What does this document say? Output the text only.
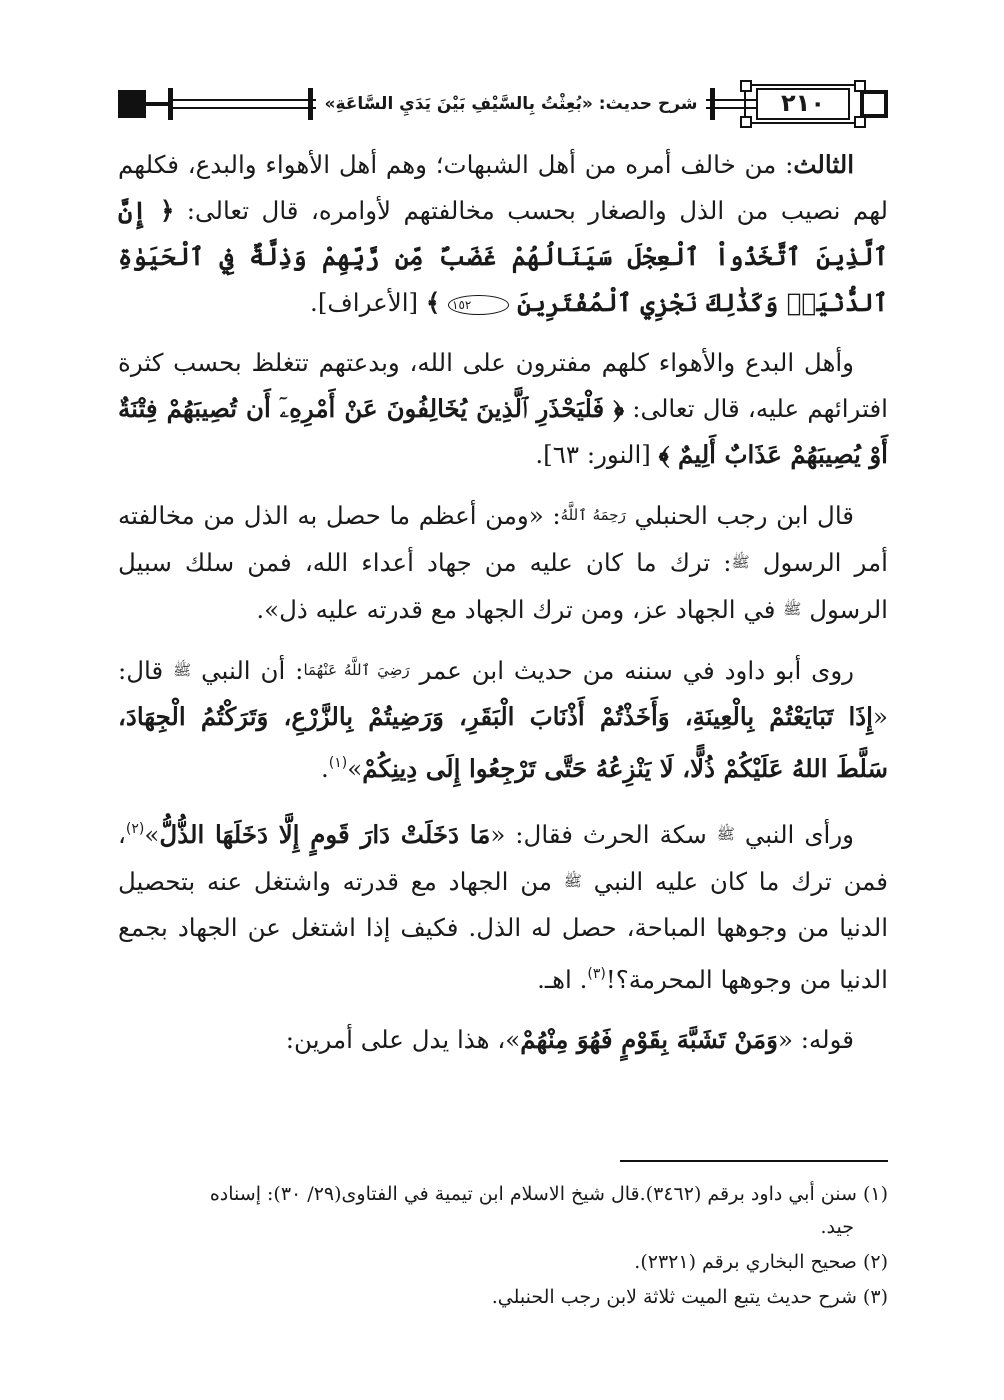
شرح حديث: «بُعِثْتُ بِالسَّيْفِ بَيْنَ يَدَيِ السَّاعَةِ»	٢١٠

الثالث: من خالف أمره من أهل الشبهات؛ وهم أهل الأهواء والبدع، فكلهم لهم نصيب من الذل والصغار بحسب مخالفتهم لأوامره، قال تعالى: ﴿ إِنَّ ٱلَّذِينَ ٱتَّخَذُواْ ٱلْعِجْلَ سَيَنَالُهُمْ غَضَبٌ مِّن رَّبِّهِمْ وَذِلَّةٌ فِي ٱلْحَيَوٰةِ ٱلدُّنْيَاۚ وَكَذَٰلِكَ نَجْزِي ٱلْمُفْتَرِينَ ١٥٢ ﴾ [الأعراف].

وأهل البدع والأهواء كلهم مفترون على الله، وبدعتهم تتغلظ بحسب كثرة افترائهم عليه، قال تعالى: ﴿ فَلْيَحْذَرِ ٱلَّذِينَ يُخَالِفُونَ عَنْ أَمْرِهِۦٓ أَن تُصِيبَهُمْ فِتْنَةٌ أَوْ يُصِيبَهُمْ عَذَابٌ أَلِيمٌ ﴾ [النور: ٦٣].

قال ابن رجب الحنبلي رَحِمَهُ ٱللَّهُ: «ومن أعظم ما حصل به الذل من مخالفته أمر الرسول ﷺ: ترك ما كان عليه من جهاد أعداء الله، فمن سلك سبيل الرسول ﷺ في الجهاد عز، ومن ترك الجهاد مع قدرته عليه ذل».

روى أبو داود في سننه من حديث ابن عمر رَضِيَ ٱللَّهُ عَنْهُمَا: أن النبي ﷺ قال: «إِذَا تَبَايَعْتُمْ بِالْعِينَةِ، وَأَخَذْتُمْ أَذْنَابَ الْبَقَرِ، وَرَضِيتُمْ بِالزَّرْعِ، وَتَرَكْتُمُ الْجِهَادَ، سَلَّطَ اللهُ عَلَيْكُمْ ذُلًّا، لَا يَنْزِعُهُ حَتَّى تَرْجِعُوا إِلَى دِينِكُمْ»$^{(١)}$.

ورأى النبي ﷺ سكة الحرث فقال: «مَا دَخَلَتْ دَارَ قَومٍ إِلَّا دَخَلَهَا الذُّلُّ»$^{(٢)}$، فمن ترك ما كان عليه النبي ﷺ من الجهاد مع قدرته واشتغل عنه بتحصيل الدنيا من وجوهها المباحة، حصل له الذل. فكيف إذا اشتغل عن الجهاد بجمع الدنيا من وجوهها المحرمة؟!$^{(٣)}$. اهـ.

قوله: «وَمَنْ تَشَبَّهَ بِقَوْمٍ فَهُوَ مِنْهُمْ»، هذا يدل على أمرين:

(١) سنن أبي داود برقم (٣٤٦٢).قال شيخ الاسلام ابن تيمية في الفتاوى(٢٩/ ٣٠): إسناده
جيد.
(٢) صحيح البخاري برقم (٢٣٢١).
(٣) شرح حديث يتبع الميت ثلاثة لابن رجب الحنبلي.
